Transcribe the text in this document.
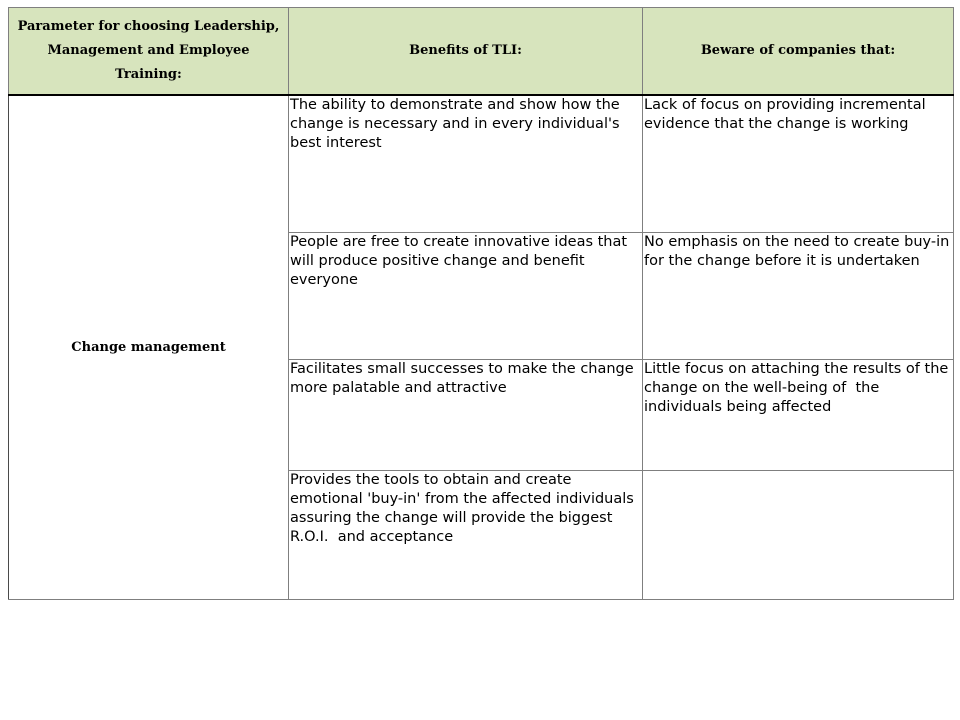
Parameter for choosing Leadership, Management and Employee Training:	Benefits of TLI:	Beware of companies that:
Change management	The ability to demonstrate and show how the change is necessary and in every individual's best interest	Lack of focus on providing incremental evidence that the change is working

	People are free to create innovative ideas that will produce positive change and benefit everyone	No emphasis on the need to create buy-in for the change before it is undertaken

	Facilitates small successes to make the change more palatable and attractive	Little focus on attaching the results of the change on the well-being of  the individuals being affected

	Provides the tools to obtain and create emotional 'buy-in' from the affected individuals assuring the change will provide the biggest R.O.I.  and acceptance	
